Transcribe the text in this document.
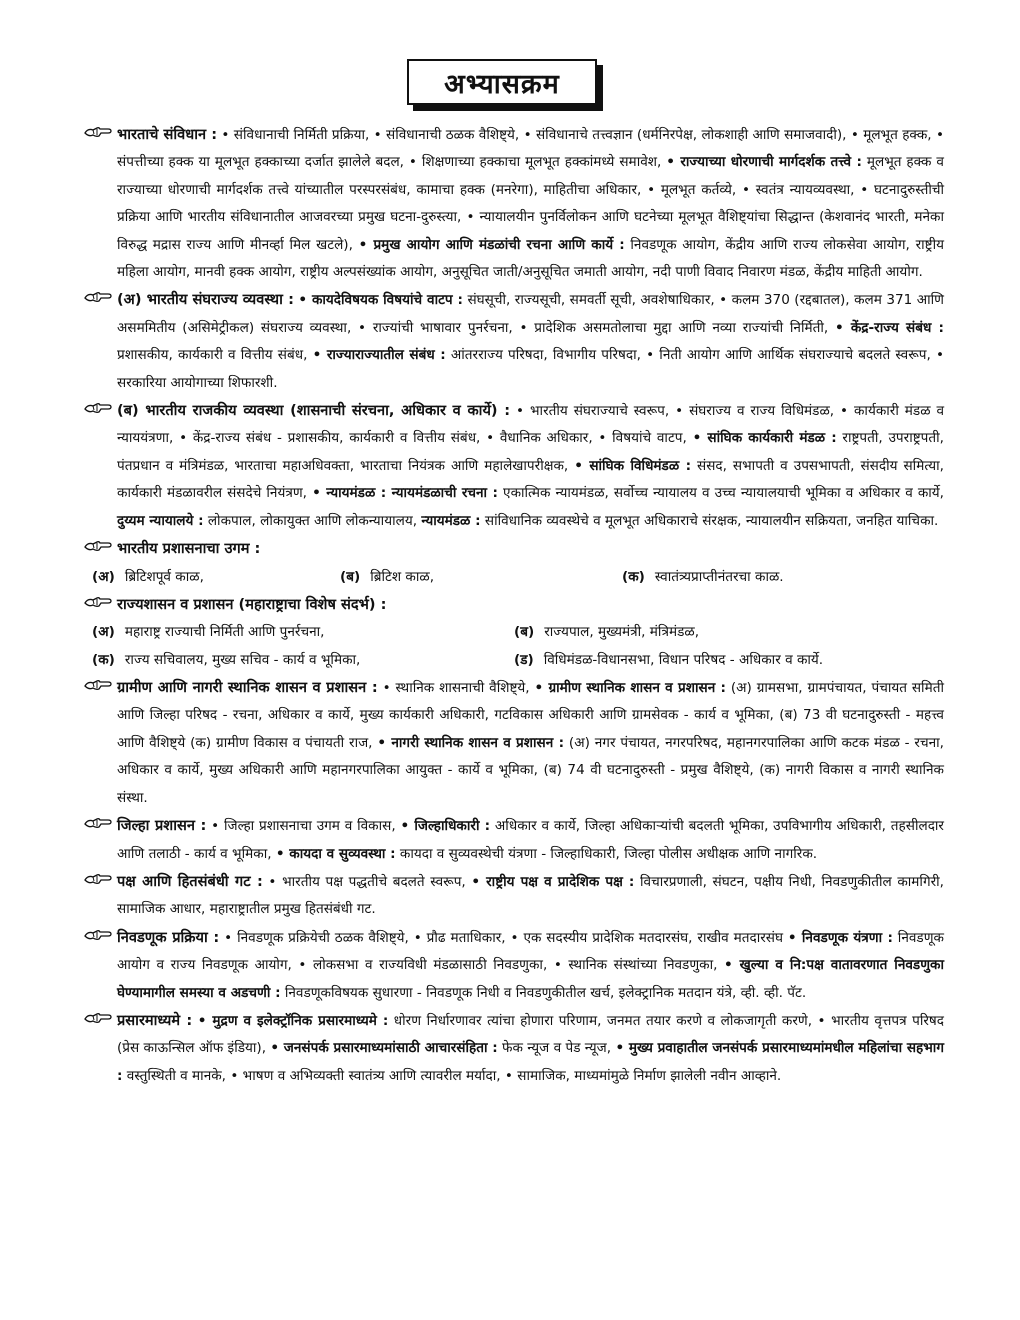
अभ्यासक्रम
भारताचे संविधान : • संविधानाची निर्मिती प्रक्रिया, • संविधानाची ठळक वैशिष्ट्ये, • संविधानाचे तत्त्वज्ञान (धर्मनिरपेक्ष, लोकशाही आणि समाजवादी), • मूलभूत हक्क, • संपत्तीच्या हक्क या मूलभूत हक्काच्या दर्जात झालेले बदल, • शिक्षणाच्या हक्काचा मूलभूत हक्कांमध्ये समावेश, • राज्याच्या धोरणाची मार्गदर्शक तत्त्वे : मूलभूत हक्क व राज्याच्या धोरणाची मार्गदर्शक तत्त्वे यांच्यातील परस्परसंबंध, कामाचा हक्क (मनरेगा), माहितीचा अधिकार, • मूलभूत कर्तव्ये, • स्वतंत्र न्यायव्यवस्था, • घटनादुरुस्तीची प्रक्रिया आणि भारतीय संविधानातील आजवरच्या प्रमुख घटना-दुरुस्त्या, • न्यायालयीन पुनर्विलोकन आणि घटनेच्या मूलभूत वैशिष्ट्यांचा सिद्धान्त (केशवानंद भारती, मनेका विरुद्ध मद्रास राज्य आणि मीनर्व्हा मिल खटले), • प्रमुख आयोग आणि मंडळांची रचना आणि कार्ये : निवडणूक आयोग, केंद्रीय आणि राज्य लोकसेवा आयोग, राष्ट्रीय महिला आयोग, मानवी हक्क आयोग, राष्ट्रीय अल्पसंख्यांक आयोग, अनुसूचित जाती/अनुसूचित जमाती आयोग, नदी पाणी विवाद निवारण मंडळ, केंद्रीय माहिती आयोग.
(अ) भारतीय संघराज्य व्यवस्था : • कायदेविषयक विषयांचे वाटप : संघसूची, राज्यसूची, समवर्ती सूची, अवशेषाधिकार, • कलम 370 (रद्दबातल), कलम 371 आणि असममितीय (असिमेट्रीकल) संघराज्य व्यवस्था, • राज्यांची भाषावार पुनर्रचना, • प्रादेशिक असमतोलाचा मुद्दा आणि नव्या राज्यांची निर्मिती, • केंद्र-राज्य संबंध : प्रशासकीय, कार्यकारी व वित्तीय संबंध, • राज्याराज्यातील संबंध : आंतरराज्य परिषदा, विभागीय परिषदा, • निती आयोग आणि आर्थिक संघराज्याचे बदलते स्वरूप, • सरकारिया आयोगाच्या शिफारशी.
(ब) भारतीय राजकीय व्यवस्था (शासनाची संरचना, अधिकार व कार्ये) : • भारतीय संघराज्याचे स्वरूप, • संघराज्य व राज्य विधिमंडळ, • कार्यकारी मंडळ व न्याययंत्रणा, • केंद्र-राज्य संबंध - प्रशासकीय, कार्यकारी व वित्तीय संबंध, • वैधानिक अधिकार, • विषयांचे वाटप, • सांघिक कार्यकारी मंडळ : राष्ट्रपती, उपराष्ट्रपती, पंतप्रधान व मंत्रिमंडळ, भारताचा महाअधिवक्ता, भारताचा नियंत्रक आणि महालेखापरीक्षक, • सांघिक विधिमंडळ : संसद, सभापती व उपसभापती, संसदीय समित्या, कार्यकारी मंडळावरील संसदेचे नियंत्रण, • न्यायमंडळ : न्यायमंडळाची रचना : एकात्मिक न्यायमंडळ, सर्वोच्च न्यायालय व उच्च न्यायालयाची भूमिका व अधिकार व कार्ये, दुय्यम न्यायालये : लोकपाल, लोकायुक्त आणि लोकन्यायालय, न्यायमंडळ : सांविधानिक व्यवस्थेचे व मूलभूत अधिकाराचे संरक्षक, न्यायालयीन सक्रियता, जनहित याचिका.
भारतीय प्रशासनाचा उगम :
(अ) ब्रिटिशपूर्व काळ,	(ब) ब्रिटिश काळ,	(क) स्वातंत्र्यप्राप्तीनंतरचा काळ.
राज्यशासन व प्रशासन (महाराष्ट्राचा विशेष संदर्भ) :
(अ) महाराष्ट्र राज्याची निर्मिती आणि पुनर्रचना,	(ब) राज्यपाल, मुख्यमंत्री, मंत्रिमंडळ,
(क) राज्य सचिवालय, मुख्य सचिव - कार्य व भूमिका,	(ड) विधिमंडळ-विधानसभा, विधान परिषद - अधिकार व कार्ये.
ग्रामीण आणि नागरी स्थानिक शासन व प्रशासन : • स्थानिक शासनाची वैशिष्ट्ये, • ग्रामीण स्थानिक शासन व प्रशासन : (अ) ग्रामसभा, ग्रामपंचायत, पंचायत समिती आणि जिल्हा परिषद - रचना, अधिकार व कार्ये, मुख्य कार्यकारी अधिकारी, गटविकास अधिकारी आणि ग्रामसेवक - कार्य व भूमिका, (ब) 73 वी घटनादुरुस्ती - महत्त्व आणि वैशिष्ट्ये (क) ग्रामीण विकास व पंचायती राज, • नागरी स्थानिक शासन व प्रशासन : (अ) नगर पंचायत, नगरपरिषद, महानगरपालिका आणि कटक मंडळ - रचना, अधिकार व कार्ये, मुख्य अधिकारी आणि महानगरपालिका आयुक्त - कार्ये व भूमिका, (ब) 74 वी घटनादुरुस्ती - प्रमुख वैशिष्ट्ये, (क) नागरी विकास व नागरी स्थानिक संस्था.
जिल्हा प्रशासन : • जिल्हा प्रशासनाचा उगम व विकास, • जिल्हाधिकारी : अधिकार व कार्ये, जिल्हा अधिकाऱ्यांची बदलती भूमिका, उपविभागीय अधिकारी, तहसीलदार आणि तलाठी - कार्य व भूमिका, • कायदा व सुव्यवस्था : कायदा व सुव्यवस्थेची यंत्रणा - जिल्हाधिकारी, जिल्हा पोलीस अधीक्षक आणि नागरिक.
पक्ष आणि हितसंबंधी गट : • भारतीय पक्ष पद्धतीचे बदलते स्वरूप, • राष्ट्रीय पक्ष व प्रादेशिक पक्ष : विचारप्रणाली, संघटन, पक्षीय निधी, निवडणुकीतील कामगिरी, सामाजिक आधार, महाराष्ट्रातील प्रमुख हितसंबंधी गट.
निवडणूक प्रक्रिया : • निवडणूक प्रक्रियेची ठळक वैशिष्ट्ये, • प्रौढ मताधिकार, • एक सदस्यीय प्रादेशिक मतदारसंघ, राखीव मतदारसंघ • निवडणूक यंत्रणा : निवडणूक आयोग व राज्य निवडणूक आयोग, • लोकसभा व राज्यविधी मंडळासाठी निवडणुका, • स्थानिक संस्थांच्या निवडणुका, • खुल्या व नि:पक्ष वातावरणात निवडणुका घेण्यामागील समस्या व अडचणी : निवडणूकविषयक सुधारणा - निवडणूक निधी व निवडणुकीतील खर्च, इलेक्ट्रानिक मतदान यंत्रे, व्ही. व्ही. पॅट.
प्रसारमाध्यमे : • मुद्रण व इलेक्ट्रॉनिक प्रसारमाध्यमे : धोरण निर्धारणावर त्यांचा होणारा परिणाम, जनमत तयार करणे व लोकजागृती करणे, • भारतीय वृत्तपत्र परिषद (प्रेस काऊन्सिल ऑफ इंडिया), • जनसंपर्क प्रसारमाध्यमांसाठी आचारसंहिता : फेक न्यूज व पेड न्यूज, • मुख्य प्रवाहातील जनसंपर्क प्रसारमाध्यमांमधील महिलांचा सहभाग : वस्तुस्थिती व मानके, • भाषण व अभिव्यक्ती स्वातंत्र्य आणि त्यावरील मर्यादा, • सामाजिक, माध्यमांमुळे निर्माण झालेली नवीन आव्हाने.
